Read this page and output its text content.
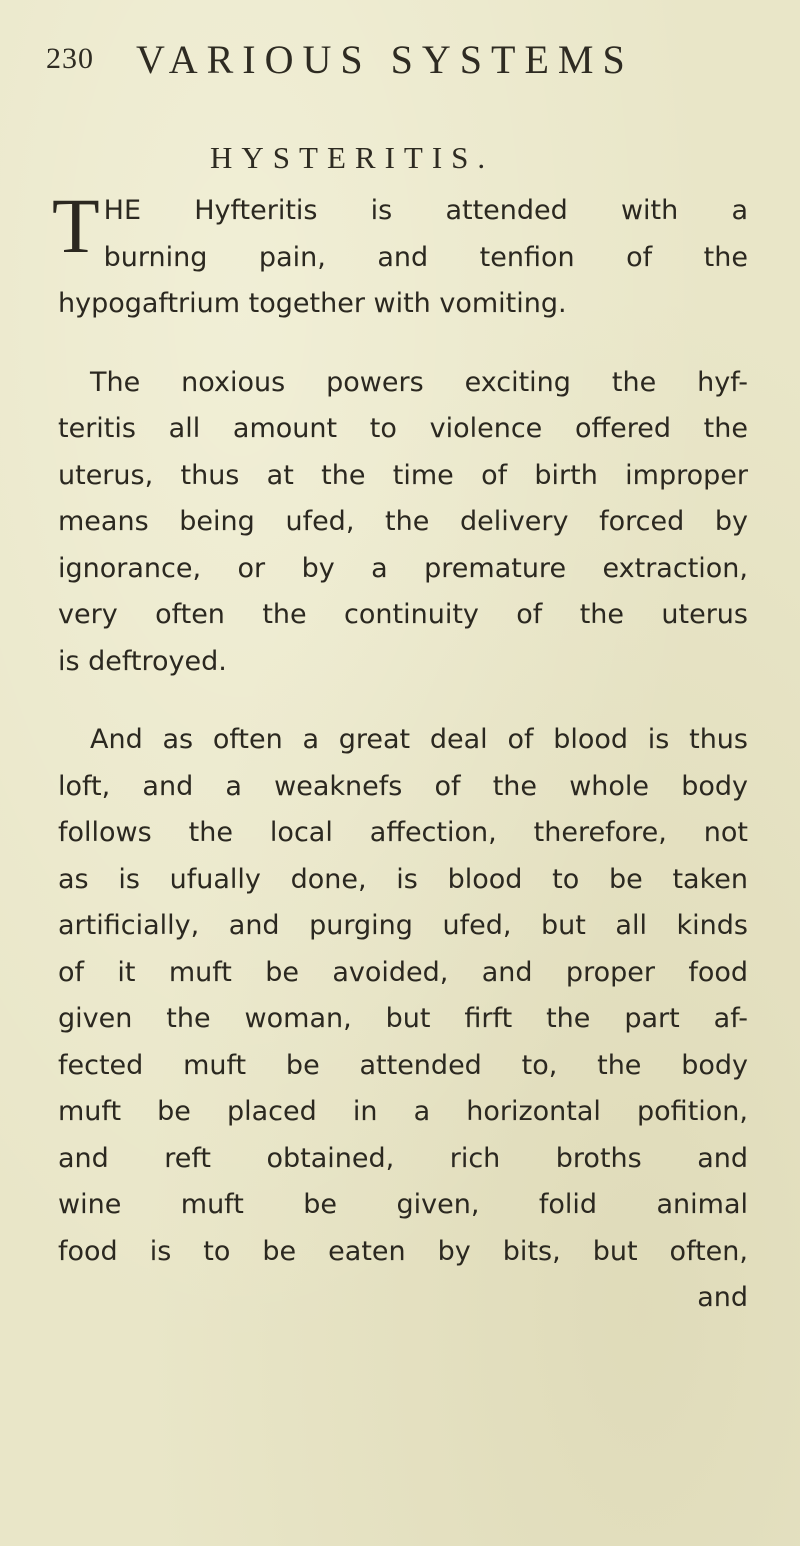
230 VARIOUS SYSTEMS
HYSTERITIS.
T HE Hyfteritis is attended with a
burning pain, and tenfion of the
hypogaftrium together with vomiting.
The noxious powers exciting the hyf-
teritis all amount to violence offered the
uterus, thus at the time of birth improper
means being ufed, the delivery forced by
ignorance, or by a premature extraction,
very often the continuity of the uterus
is deftroyed.
And as often a great deal of blood is thus
loft, and a weaknefs of the whole body
follows the local affection, therefore, not
as is ufually done, is blood to be taken
artificially, and purging ufed, but all kinds
of it muft be avoided, and proper food
given the woman, but firft the part af-
fected muft be attended to, the body
muft be placed in a horizontal pofition,
and reft obtained, rich broths and
wine muft be given, folid animal
food is to be eaten by bits, but often,
and
